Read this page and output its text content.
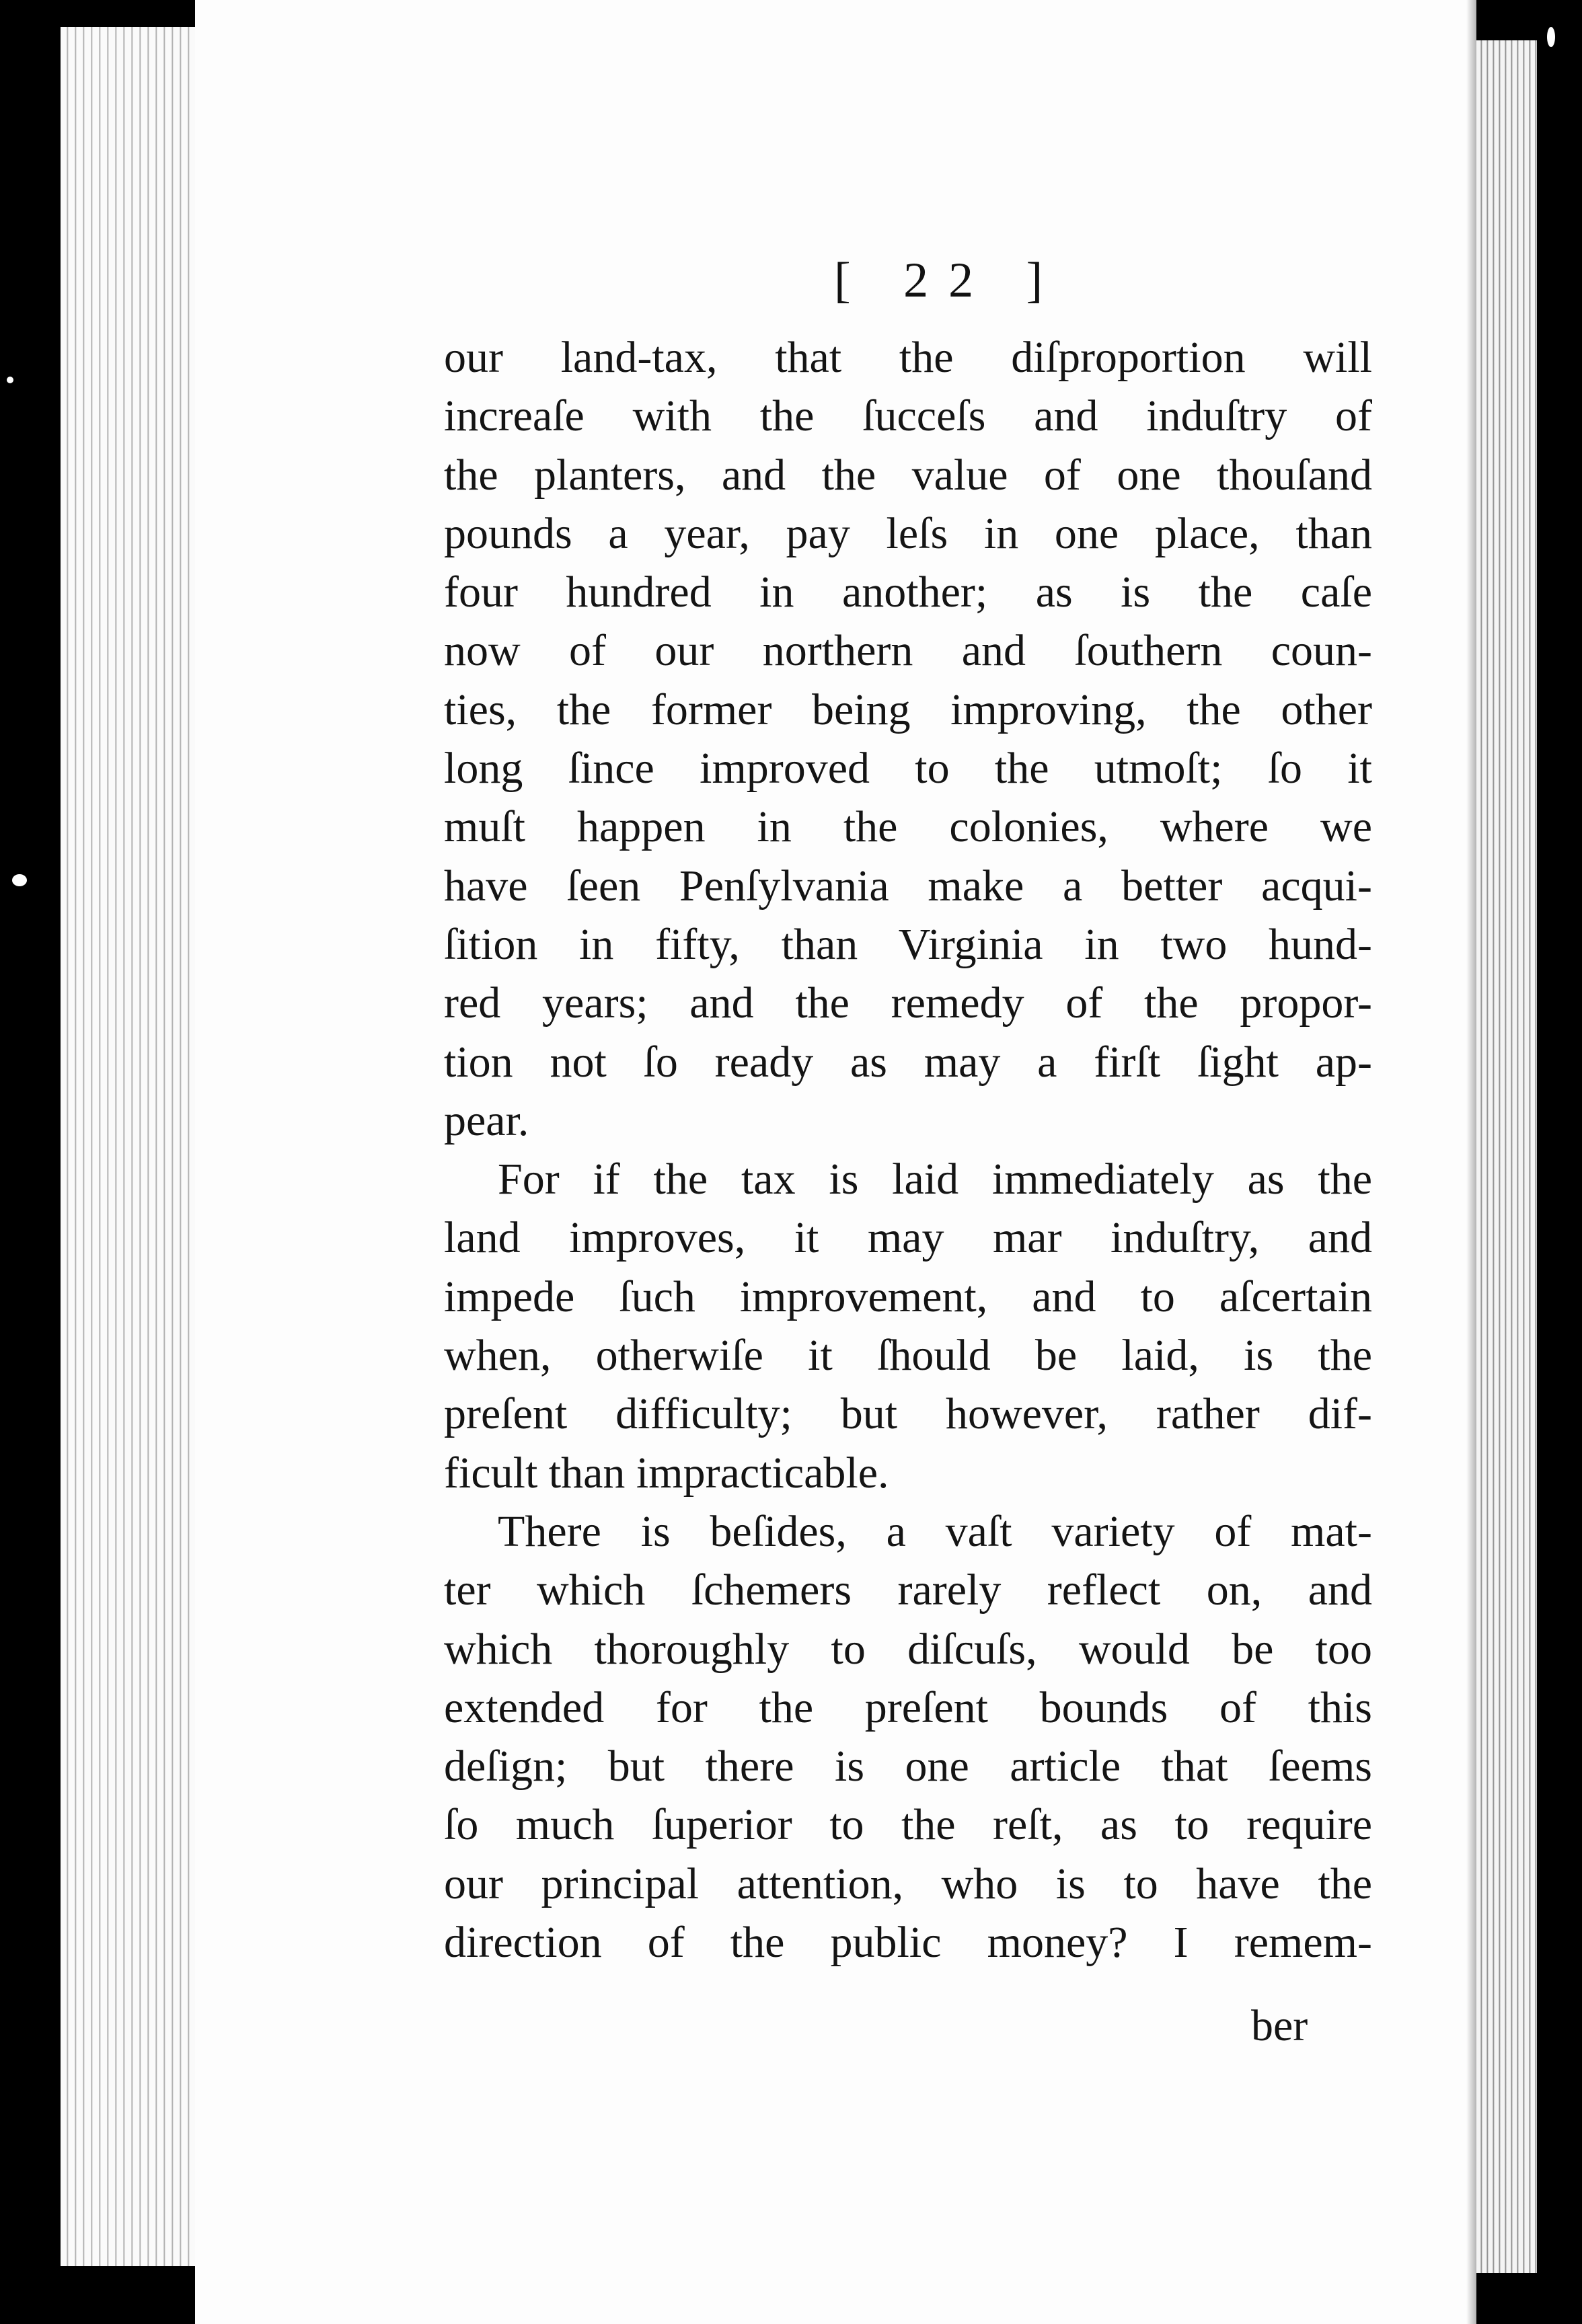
[ 22 ]
our land-tax, that the diſproportion will
increaſe with the ſucceſs and induſtry of
the planters, and the value of one thouſand
pounds a year, pay leſs in one place, than
four hundred in another; as is the caſe
now of our northern and ſouthern coun-
ties, the former being improving, the other
long ſince improved to the utmoſt; ſo it
muſt happen in the colonies, where we
have ſeen Penſylvania make a better acqui-
ſition in fifty, than Virginia in two hund-
red years; and the remedy of the propor-
tion not ſo ready as may a firſt ſight ap-
pear.
For if the tax is laid immediately as the
land improves, it may mar induſtry, and
impede ſuch improvement, and to aſcertain
when, otherwiſe it ſhould be laid, is the
preſent difficulty; but however, rather dif-
ficult than impracticable.
There is beſides, a vaſt variety of mat-
ter which ſchemers rarely reflect on, and
which thoroughly to diſcuſs, would be too
extended for the preſent bounds of this
deſign; but there is one article that ſeems
ſo much ſuperior to the reſt, as to require
our principal attention, who is to have the
direction of the public money? I remem-
ber
